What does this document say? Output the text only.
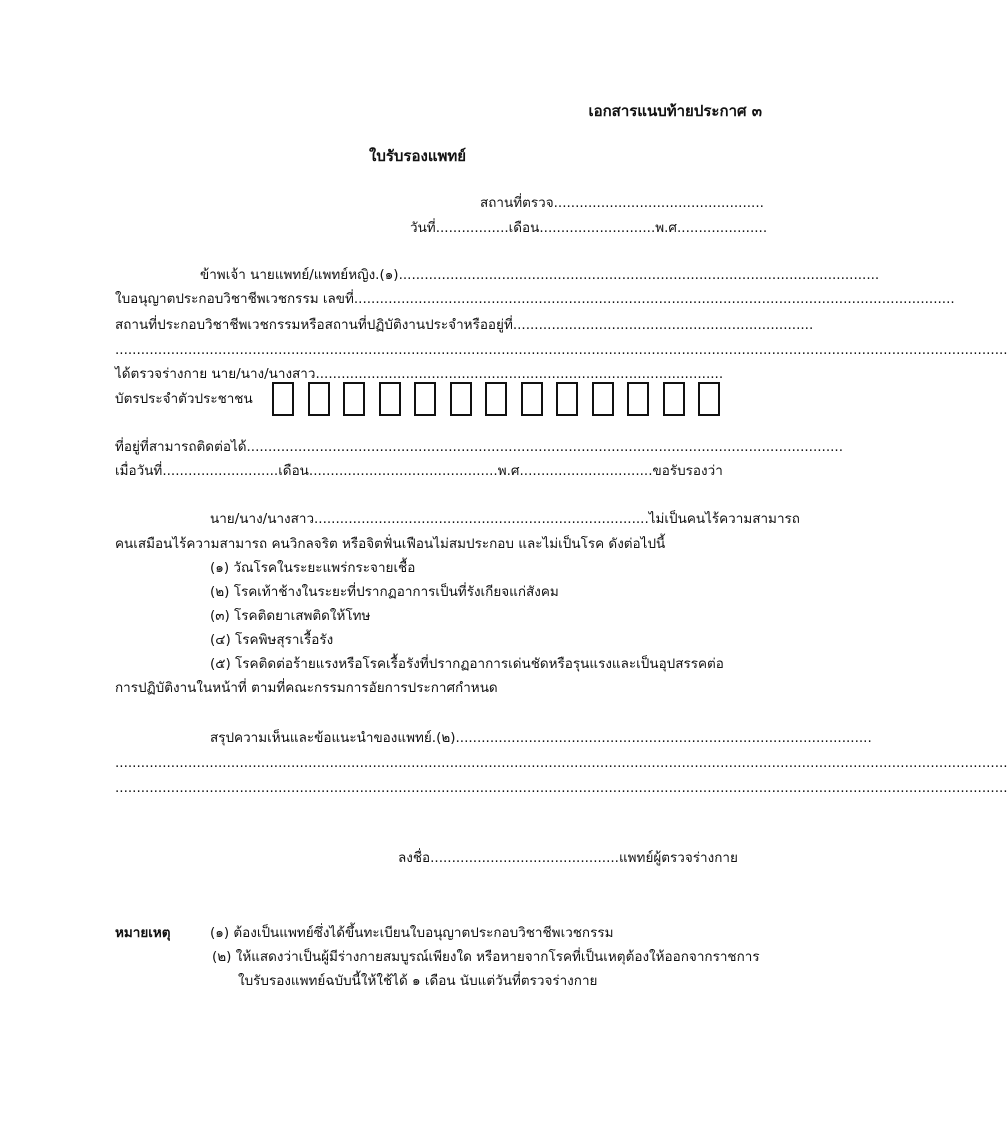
เอกสารแนบท้ายประกาศ ๓
ใบรับรองแพทย์
สถานที่ตรวจ.................................................
วันที่.................เดือน...........................พ.ศ.....................
ข้าพเจ้า นายแพทย์/แพทย์หญิง.(๑)................................................................................................................
ใบอนุญาตประกอบวิชาชีพเวชกรรม เลขที่............................................................................................................................................
สถานที่ประกอบวิชาชีพเวชกรรมหรือสถานที่ปฏิบัติงานประจำหรืออยู่ที่......................................................................
................................................................................................................................................................................................................
ได้ตรวจร่างกาย นาย/นาง/นางสาว...............................................................................................
บัตรประจำตัวประชาชน
ที่อยู่ที่สามารถติดต่อได้...........................................................................................................................................
เมื่อวันที่...........................เดือน............................................พ.ศ...............................ขอรับรองว่า
นาย/นาง/นางสาว..............................................................................ไม่เป็นคนไร้ความสามารถ
คนเสมือนไร้ความสามารถ คนวิกลจริต หรือจิตฟั่นเฟือนไม่สมประกอบ และไม่เป็นโรค ดังต่อไปนี้
(๑) วัณโรคในระยะแพร่กระจายเชื้อ
(๒) โรคเท้าช้างในระยะที่ปรากฏอาการเป็นที่รังเกียจแก่สังคม
(๓) โรคติดยาเสพติดให้โทษ
(๔) โรคพิษสุราเรื้อรัง
(๕) โรคติดต่อร้ายแรงหรือโรคเรื้อรังที่ปรากฏอาการเด่นชัดหรือรุนแรงและเป็นอุปสรรคต่อ
การปฏิบัติงานในหน้าที่ ตามที่คณะกรรมการอัยการประกาศกำหนด
สรุปความเห็นและข้อแนะนำของแพทย์.(๒).................................................................................................
................................................................................................................................................................................................................
................................................................................................................................................................................................................
ลงชื่อ............................................แพทย์ผู้ตรวจร่างกาย
หมายเหตุ	(๑) ต้องเป็นแพทย์ซึ่งได้ขึ้นทะเบียนใบอนุญาตประกอบวิชาชีพเวชกรรม
(๒) ให้แสดงว่าเป็นผู้มีร่างกายสมบูรณ์เพียงใด หรือหายจากโรคที่เป็นเหตุต้องให้ออกจากราชการ
ใบรับรองแพทย์ฉบับนี้ให้ใช้ได้ ๑ เดือน นับแต่วันที่ตรวจร่างกาย
